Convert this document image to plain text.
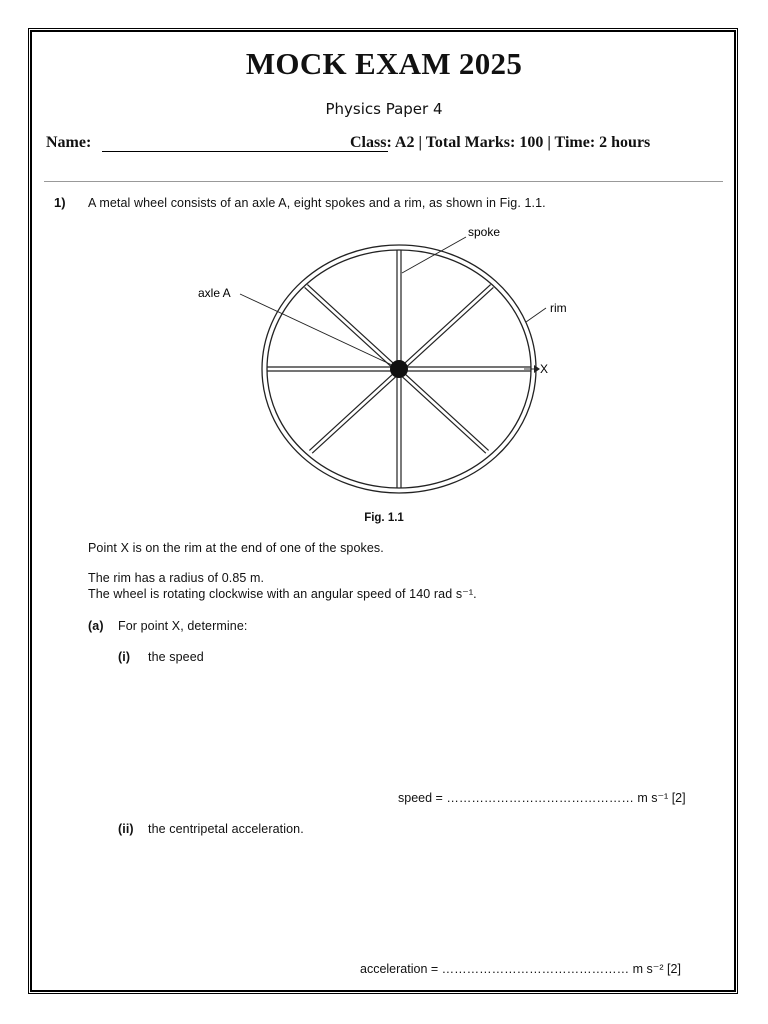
MOCK EXAM 2025
Physics Paper 4
Name:	Class: A2 | Total Marks: 100 | Time: 2 hours
1) A metal wheel consists of an axle A, eight spokes and a rim, as shown in Fig. 1.1.
spoke
axle A
rim
X
Fig. 1.1
Point X is on the rim at the end of one of the spokes.
The rim has a radius of 0.85 m.
The wheel is rotating clockwise with an angular speed of 140 rad s⁻¹.
(a) For point X, determine:
(i) the speed
speed = ……………………………………… m s⁻¹ [2]
(ii) the centripetal acceleration.
acceleration = ……………………………………… m s⁻² [2]
